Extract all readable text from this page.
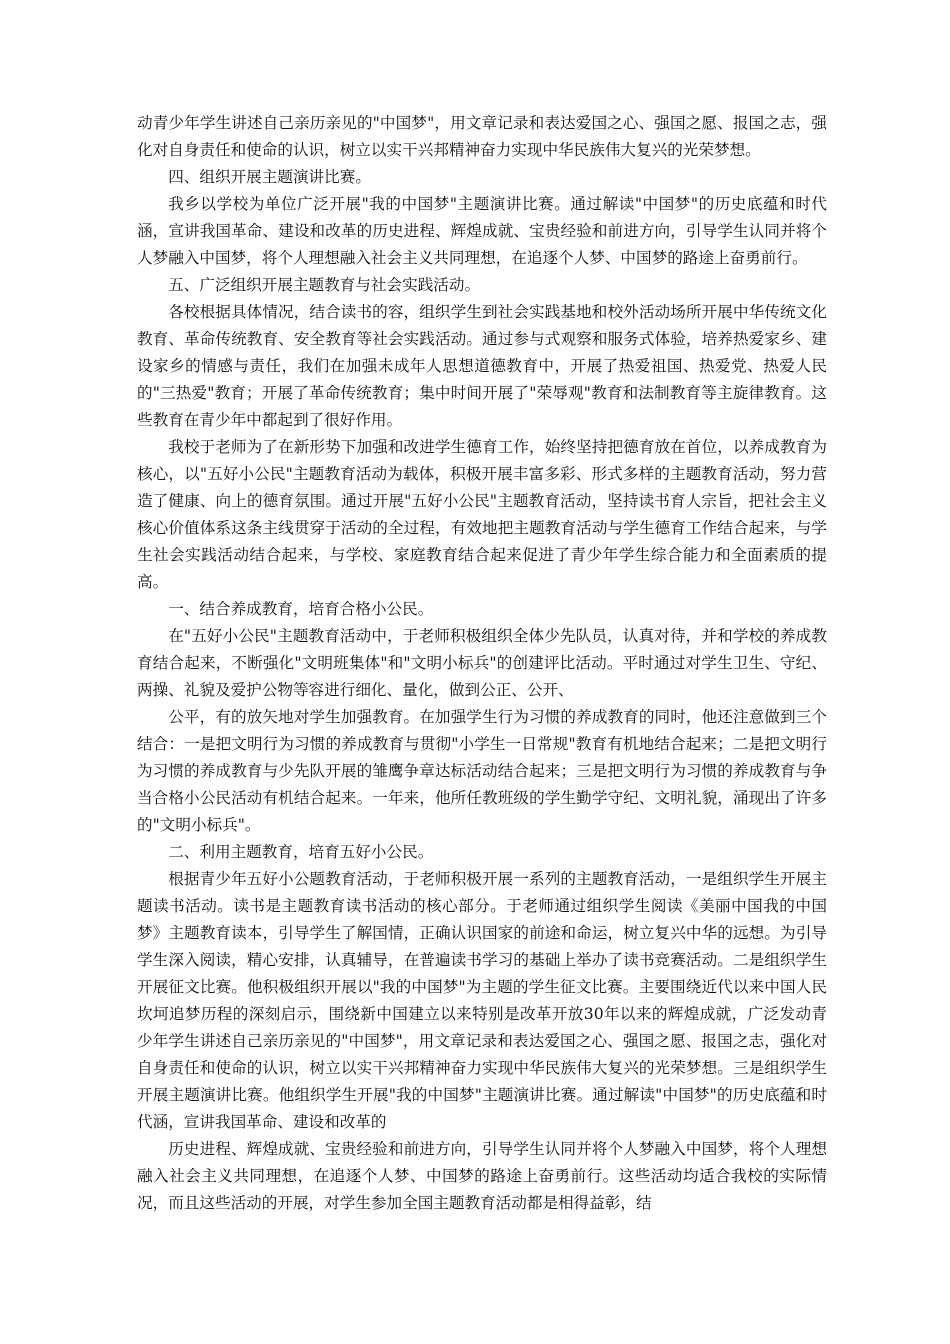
动青少年学生讲述自己亲历亲见的"中国梦"，用文章记录和表达爱国之心、强国之愿、报国之志，强化对自身责任和使命的认识，树立以实干兴邦精神奋力实现中华民族伟大复兴的光荣梦想。

四、组织开展主题演讲比赛。

我乡以学校为单位广泛开展"我的中国梦"主题演讲比赛。通过解读"中国梦"的历史底蕴和时代涵，宣讲我国革命、建设和改革的历史进程、辉煌成就、宝贵经验和前进方向，引导学生认同并将个人梦融入中国梦，将个人理想融入社会主义共同理想，在追逐个人梦、中国梦的路途上奋勇前行。

五、广泛组织开展主题教育与社会实践活动。

各校根据具体情况，结合读书的容，组织学生到社会实践基地和校外活动场所开展中华传统文化教育、革命传统教育、安全教育等社会实践活动。通过参与式观察和服务式体验，培养热爱家乡、建设家乡的情感与责任，我们在加强未成年人思想道德教育中，开展了热爱祖国、热爱党、热爱人民的"三热爱"教育；开展了革命传统教育；集中时间开展了"荣辱观"教育和法制教育等主旋律教育。这些教育在青少年中都起到了很好作用。

我校于老师为了在新形势下加强和改进学生德育工作，始终坚持把德育放在首位，以养成教育为核心，以"五好小公民"主题教育活动为载体，积极开展丰富多彩、形式多样的主题教育活动，努力营造了健康、向上的德育氛围。通过开展"五好小公民"主题教育活动，坚持读书育人宗旨，把社会主义核心价值体系这条主线贯穿于活动的全过程，有效地把主题教育活动与学生德育工作结合起来，与学生社会实践活动结合起来，与学校、家庭教育结合起来促进了青少年学生综合能力和全面素质的提高。

一、结合养成教育，培育合格小公民。

在"五好小公民"主题教育活动中，于老师积极组织全体少先队员，认真对待，并和学校的养成教育结合起来，不断强化"文明班集体"和"文明小标兵"的创建评比活动。平时通过对学生卫生、守纪、两操、礼貌及爱护公物等容进行细化、量化，做到公正、公开、

公平，有的放矢地对学生加强教育。在加强学生行为习惯的养成教育的同时，他还注意做到三个结合：一是把文明行为习惯的养成教育与贯彻"小学生一日常规"教育有机地结合起来；二是把文明行为习惯的养成教育与少先队开展的雏鹰争章达标活动结合起来；三是把文明行为习惯的养成教育与争当合格小公民活动有机结合起来。一年来，他所任教班级的学生勤学守纪、文明礼貌，涌现出了许多的"文明小标兵"。

二、利用主题教育，培育五好小公民。

根据青少年五好小公题教育活动，于老师积极开展一系列的主题教育活动，一是组织学生开展主题读书活动。读书是主题教育读书活动的核心部分。于老师通过组织学生阅读《美丽中国我的中国梦》主题教育读本，引导学生了解国情，正确认识国家的前途和命运，树立复兴中华的远想。为引导学生深入阅读，精心安排，认真辅导，在普遍读书学习的基础上举办了读书竞赛活动。二是组织学生开展征文比赛。他积极组织开展以"我的中国梦"为主题的学生征文比赛。主要围绕近代以来中国人民坎坷追梦历程的深刻启示，围绕新中国建立以来特别是改革开放30年以来的辉煌成就，广泛发动青少年学生讲述自己亲历亲见的"中国梦"，用文章记录和表达爱国之心、强国之愿、报国之志，强化对自身责任和使命的认识，树立以实干兴邦精神奋力实现中华民族伟大复兴的光荣梦想。三是组织学生开展主题演讲比赛。他组织学生开展"我的中国梦"主题演讲比赛。通过解读"中国梦"的历史底蕴和时代涵，宣讲我国革命、建设和改革的

历史进程、辉煌成就、宝贵经验和前进方向，引导学生认同并将个人梦融入中国梦，将个人理想融入社会主义共同理想，在追逐个人梦、中国梦的路途上奋勇前行。这些活动均适合我校的实际情况，而且这些活动的开展，对学生参加全国主题教育活动都是相得益彰，结
